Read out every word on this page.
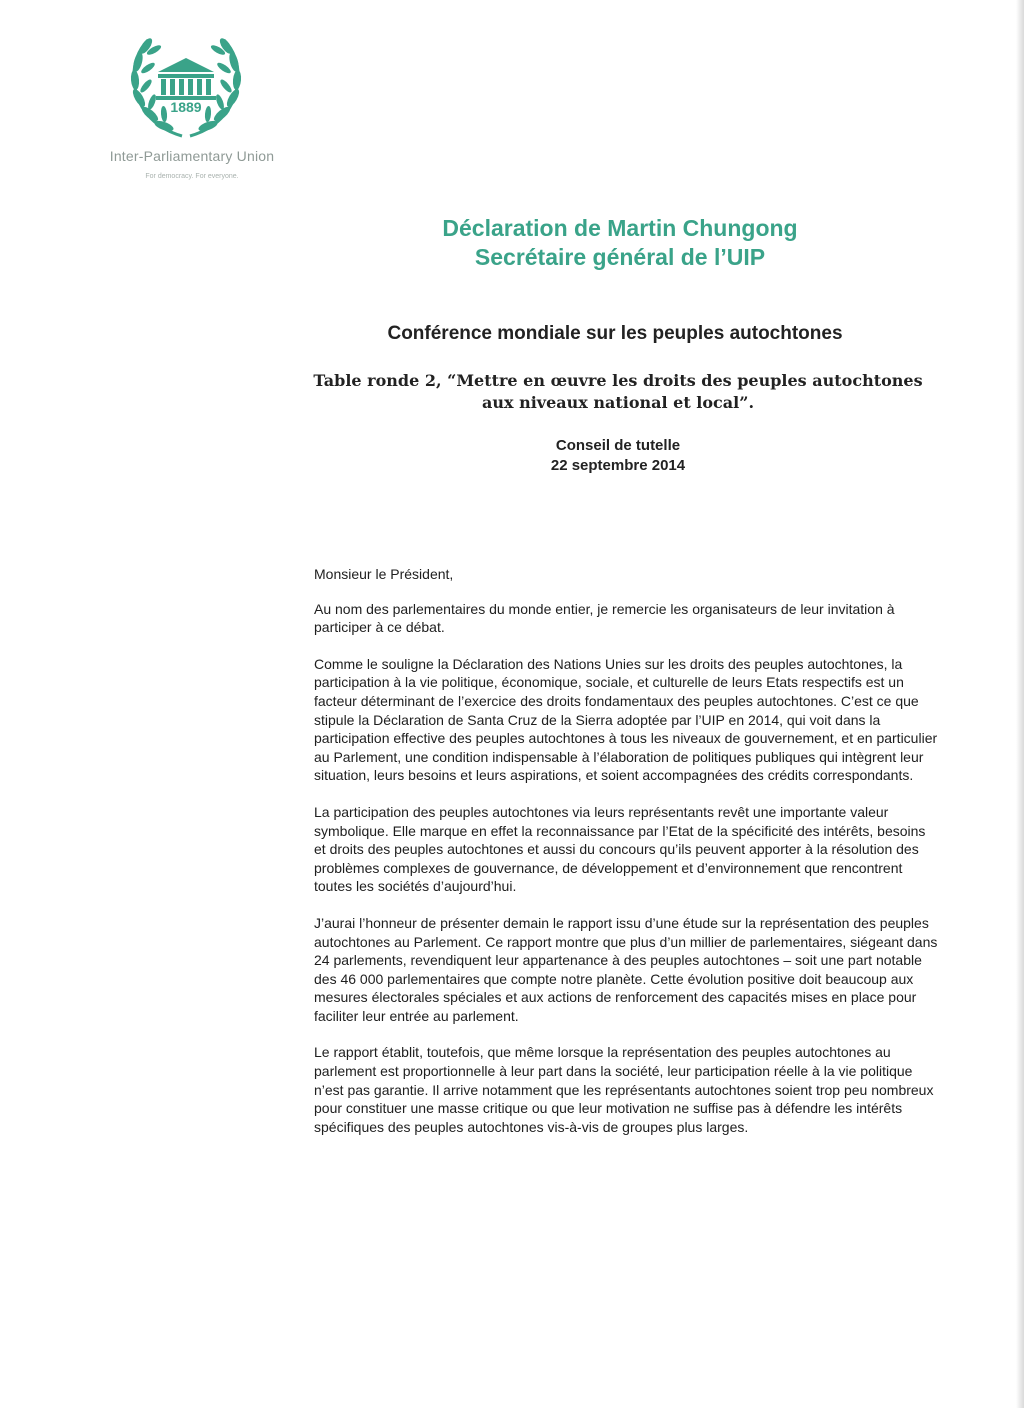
1889
Inter-Parliamentary Union
For democracy. For everyone.
Déclaration de Martin Chungong
Secrétaire général de l’UIP
Conférence mondiale sur les peuples autochtones
Table ronde 2, “Mettre en œuvre les droits des peuples autochtones aux niveaux national et local”.
Conseil de tutelle
22 septembre 2014

Monsieur le Président,

Au nom des parlementaires du monde entier, je remercie les organisateurs de leur invitation à participer à ce débat.

Comme le souligne la Déclaration des Nations Unies sur les droits des peuples autochtones, la participation à la vie politique, économique, sociale, et culturelle de leurs Etats respectifs est un facteur déterminant de l’exercice des droits fondamentaux des peuples autochtones. C’est ce que stipule la Déclaration de Santa Cruz de la Sierra adoptée par l’UIP en 2014, qui voit dans la participation effective des peuples autochtones à tous les niveaux de gouvernement, et en particulier au Parlement, une condition indispensable à l’élaboration de politiques publiques qui intègrent leur situation, leurs besoins et leurs aspirations, et soient accompagnées des crédits correspondants.

La participation des peuples autochtones via leurs représentants revêt une importante valeur symbolique. Elle marque en effet la reconnaissance par l’Etat de la spécificité des intérêts, besoins et droits des peuples autochtones et aussi du concours qu’ils peuvent apporter à la résolution des problèmes complexes de gouvernance, de développement et d’environnement que rencontrent toutes les sociétés d’aujourd’hui.

J’aurai l’honneur de présenter demain le rapport issu d’une étude sur la représentation des peuples autochtones au Parlement. Ce rapport montre que plus d’un millier de parlementaires, siégeant dans 24 parlements, revendiquent leur appartenance à des peuples autochtones – soit une part notable des 46 000 parlementaires que compte notre planète. Cette évolution positive doit beaucoup aux mesures électorales spéciales et aux actions de renforcement des capacités mises en place pour faciliter leur entrée au parlement.

Le rapport établit, toutefois, que même lorsque la représentation des peuples autochtones au parlement est proportionnelle à leur part dans la société, leur participation réelle à la vie politique n’est pas garantie. Il arrive notamment que les représentants autochtones soient trop peu nombreux pour constituer une masse critique ou que leur motivation ne suffise pas à défendre les intérêts spécifiques des peuples autochtones vis-à-vis de groupes plus larges.
